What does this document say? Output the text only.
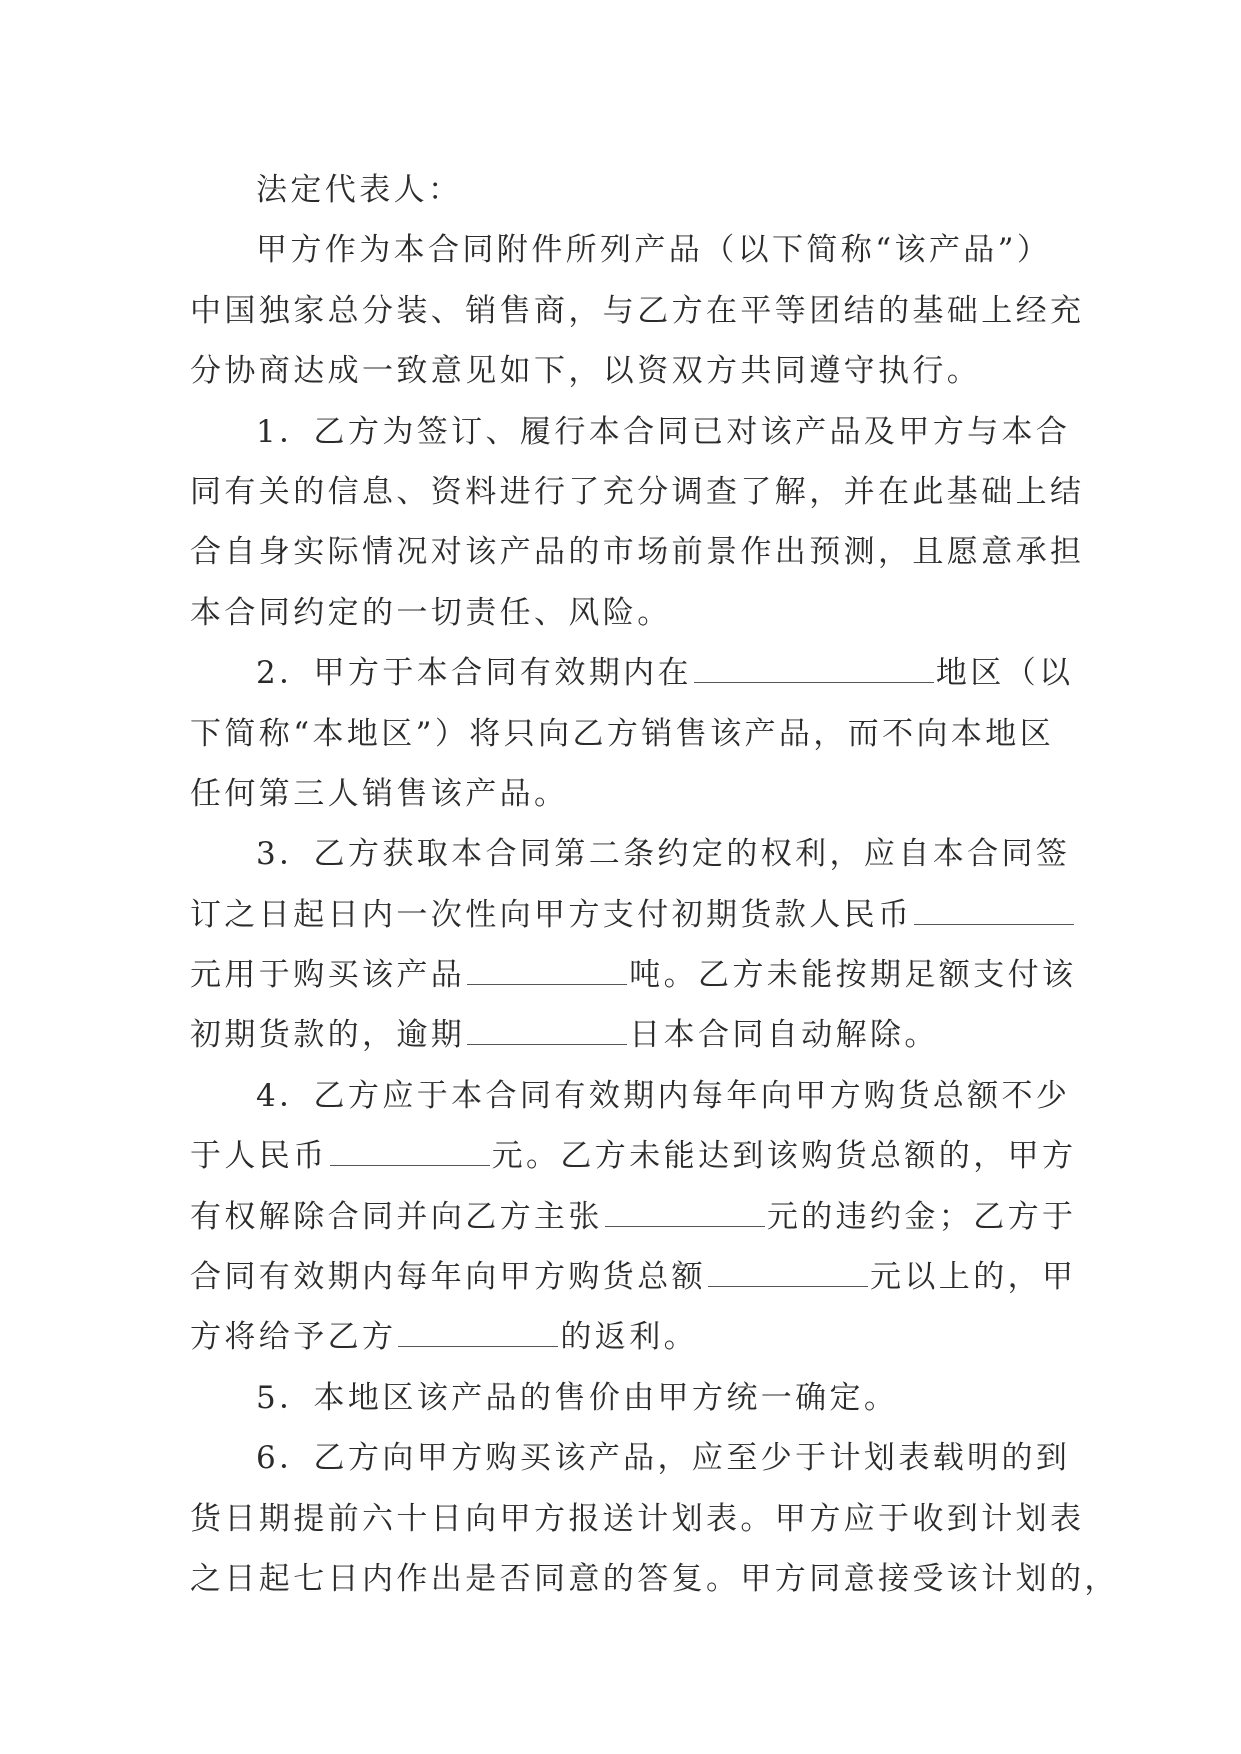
法定代表人：
甲方作为本合同附件所列产品（以下简称“该产品”）
中国独家总分装、销售商，与乙方在平等团结的基础上经充
分协商达成一致意见如下，以资双方共同遵守执行。
1．乙方为签订、履行本合同已对该产品及甲方与本合
同有关的信息、资料进行了充分调查了解，并在此基础上结
合自身实际情况对该产品的市场前景作出预测，且愿意承担
本合同约定的一切责任、风险。
2．甲方于本合同有效期内在	地区（以
下简称“本地区”）将只向乙方销售该产品，而不向本地区
任何第三人销售该产品。
3．乙方获取本合同第二条约定的权利，应自本合同签
订之日起日内一次性向甲方支付初期货款人民币
元用于购买该产品	吨。乙方未能按期足额支付该
初期货款的，逾期	日本合同自动解除。
4．乙方应于本合同有效期内每年向甲方购货总额不少
于人民币	元。乙方未能达到该购货总额的，甲方
有权解除合同并向乙方主张	元的违约金；乙方于
合同有效期内每年向甲方购货总额	元以上的，甲
方将给予乙方	的返利。
5．本地区该产品的售价由甲方统一确定。
6．乙方向甲方购买该产品，应至少于计划表载明的到
货日期提前六十日向甲方报送计划表。甲方应于收到计划表
之日起七日内作出是否同意的答复。甲方同意接受该计划的，
